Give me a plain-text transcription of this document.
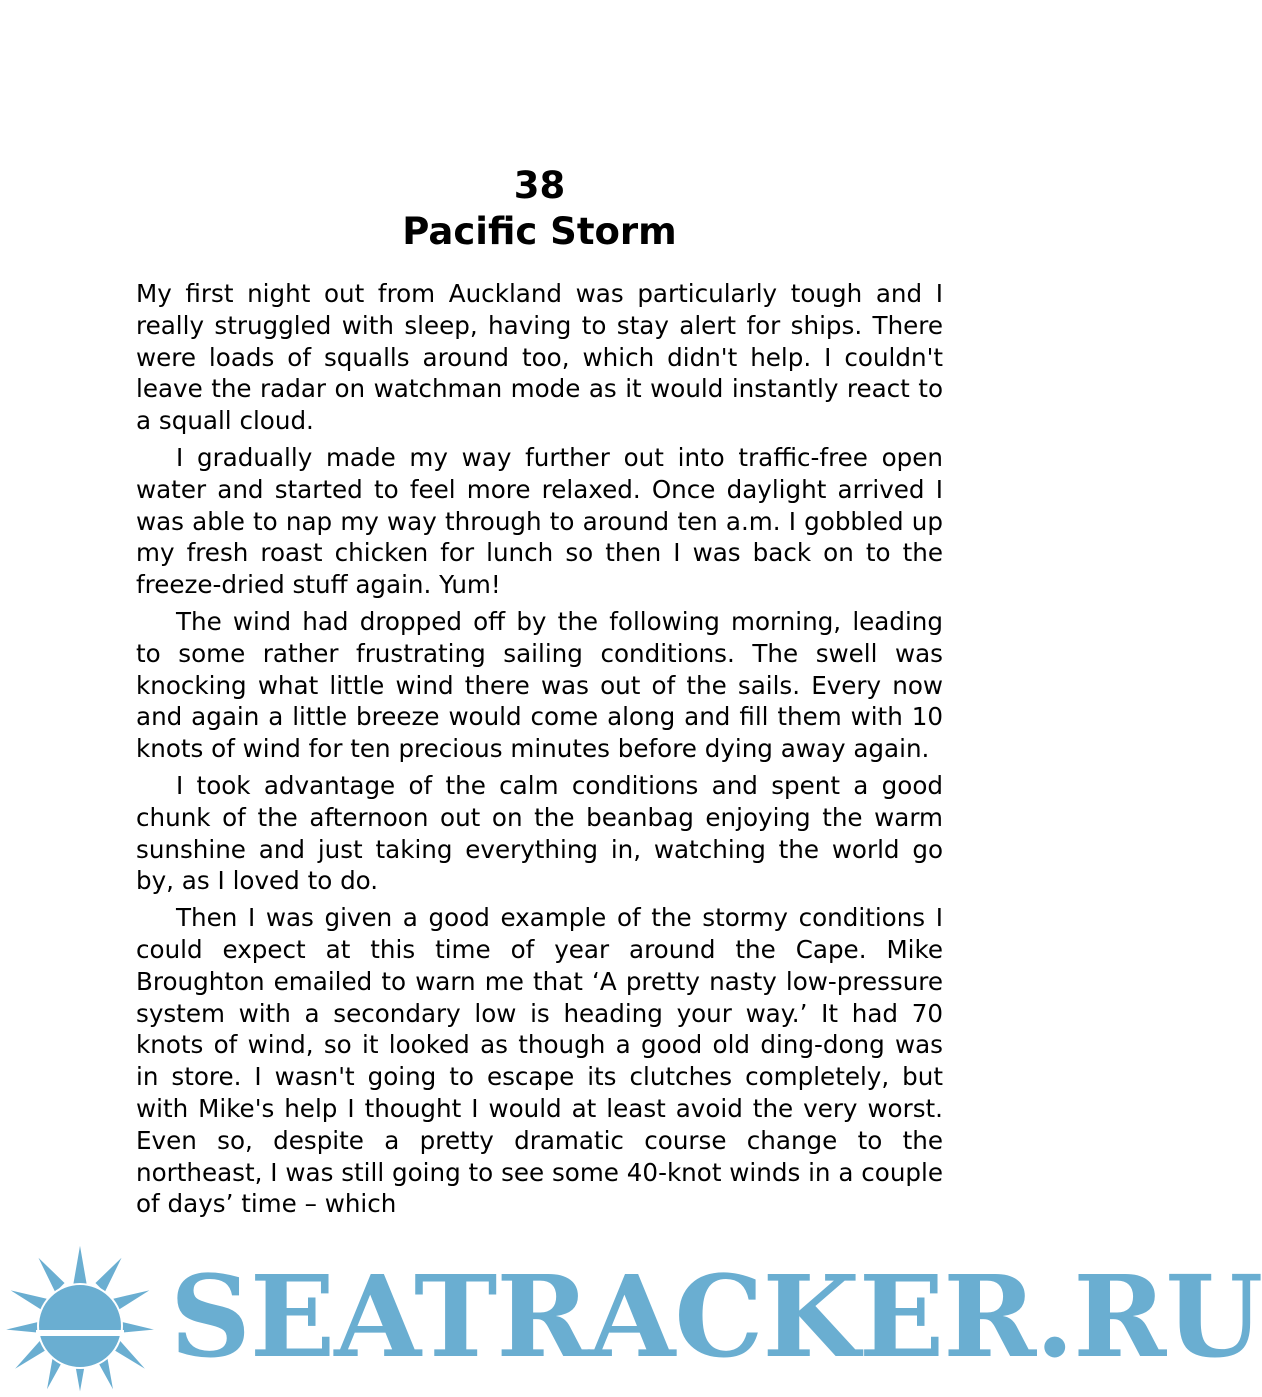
38
Pacific Storm

My first night out from Auckland was particularly tough and I really struggled with sleep, having to stay alert for ships. There were loads of squalls around too, which didn't help. I couldn't leave the radar on watchman mode as it would instantly react to a squall cloud.

I gradually made my way further out into traffic-free open water and started to feel more relaxed. Once daylight arrived I was able to nap my way through to around ten a.m. I gobbled up my fresh roast chicken for lunch so then I was back on to the freeze-dried stuff again. Yum!

The wind had dropped off by the following morning, leading to some rather frustrating sailing conditions. The swell was knocking what little wind there was out of the sails. Every now and again a little breeze would come along and fill them with 10 knots of wind for ten precious minutes before dying away again.

I took advantage of the calm conditions and spent a good chunk of the afternoon out on the beanbag enjoying the warm sunshine and just taking everything in, watching the world go by, as I loved to do.

Then I was given a good example of the stormy conditions I could expect at this time of year around the Cape. Mike Broughton emailed to warn me that ‘A pretty nasty low-pressure system with a secondary low is heading your way.’ It had 70 knots of wind, so it looked as though a good old ding-dong was in store. I wasn't going to escape its clutches completely, but with Mike's help I thought I would at least avoid the very worst. Even so, despite a pretty dramatic course change to the northeast, I was still going to see some 40-knot winds in a couple of days’ time – which

SEATRACKER.RU
